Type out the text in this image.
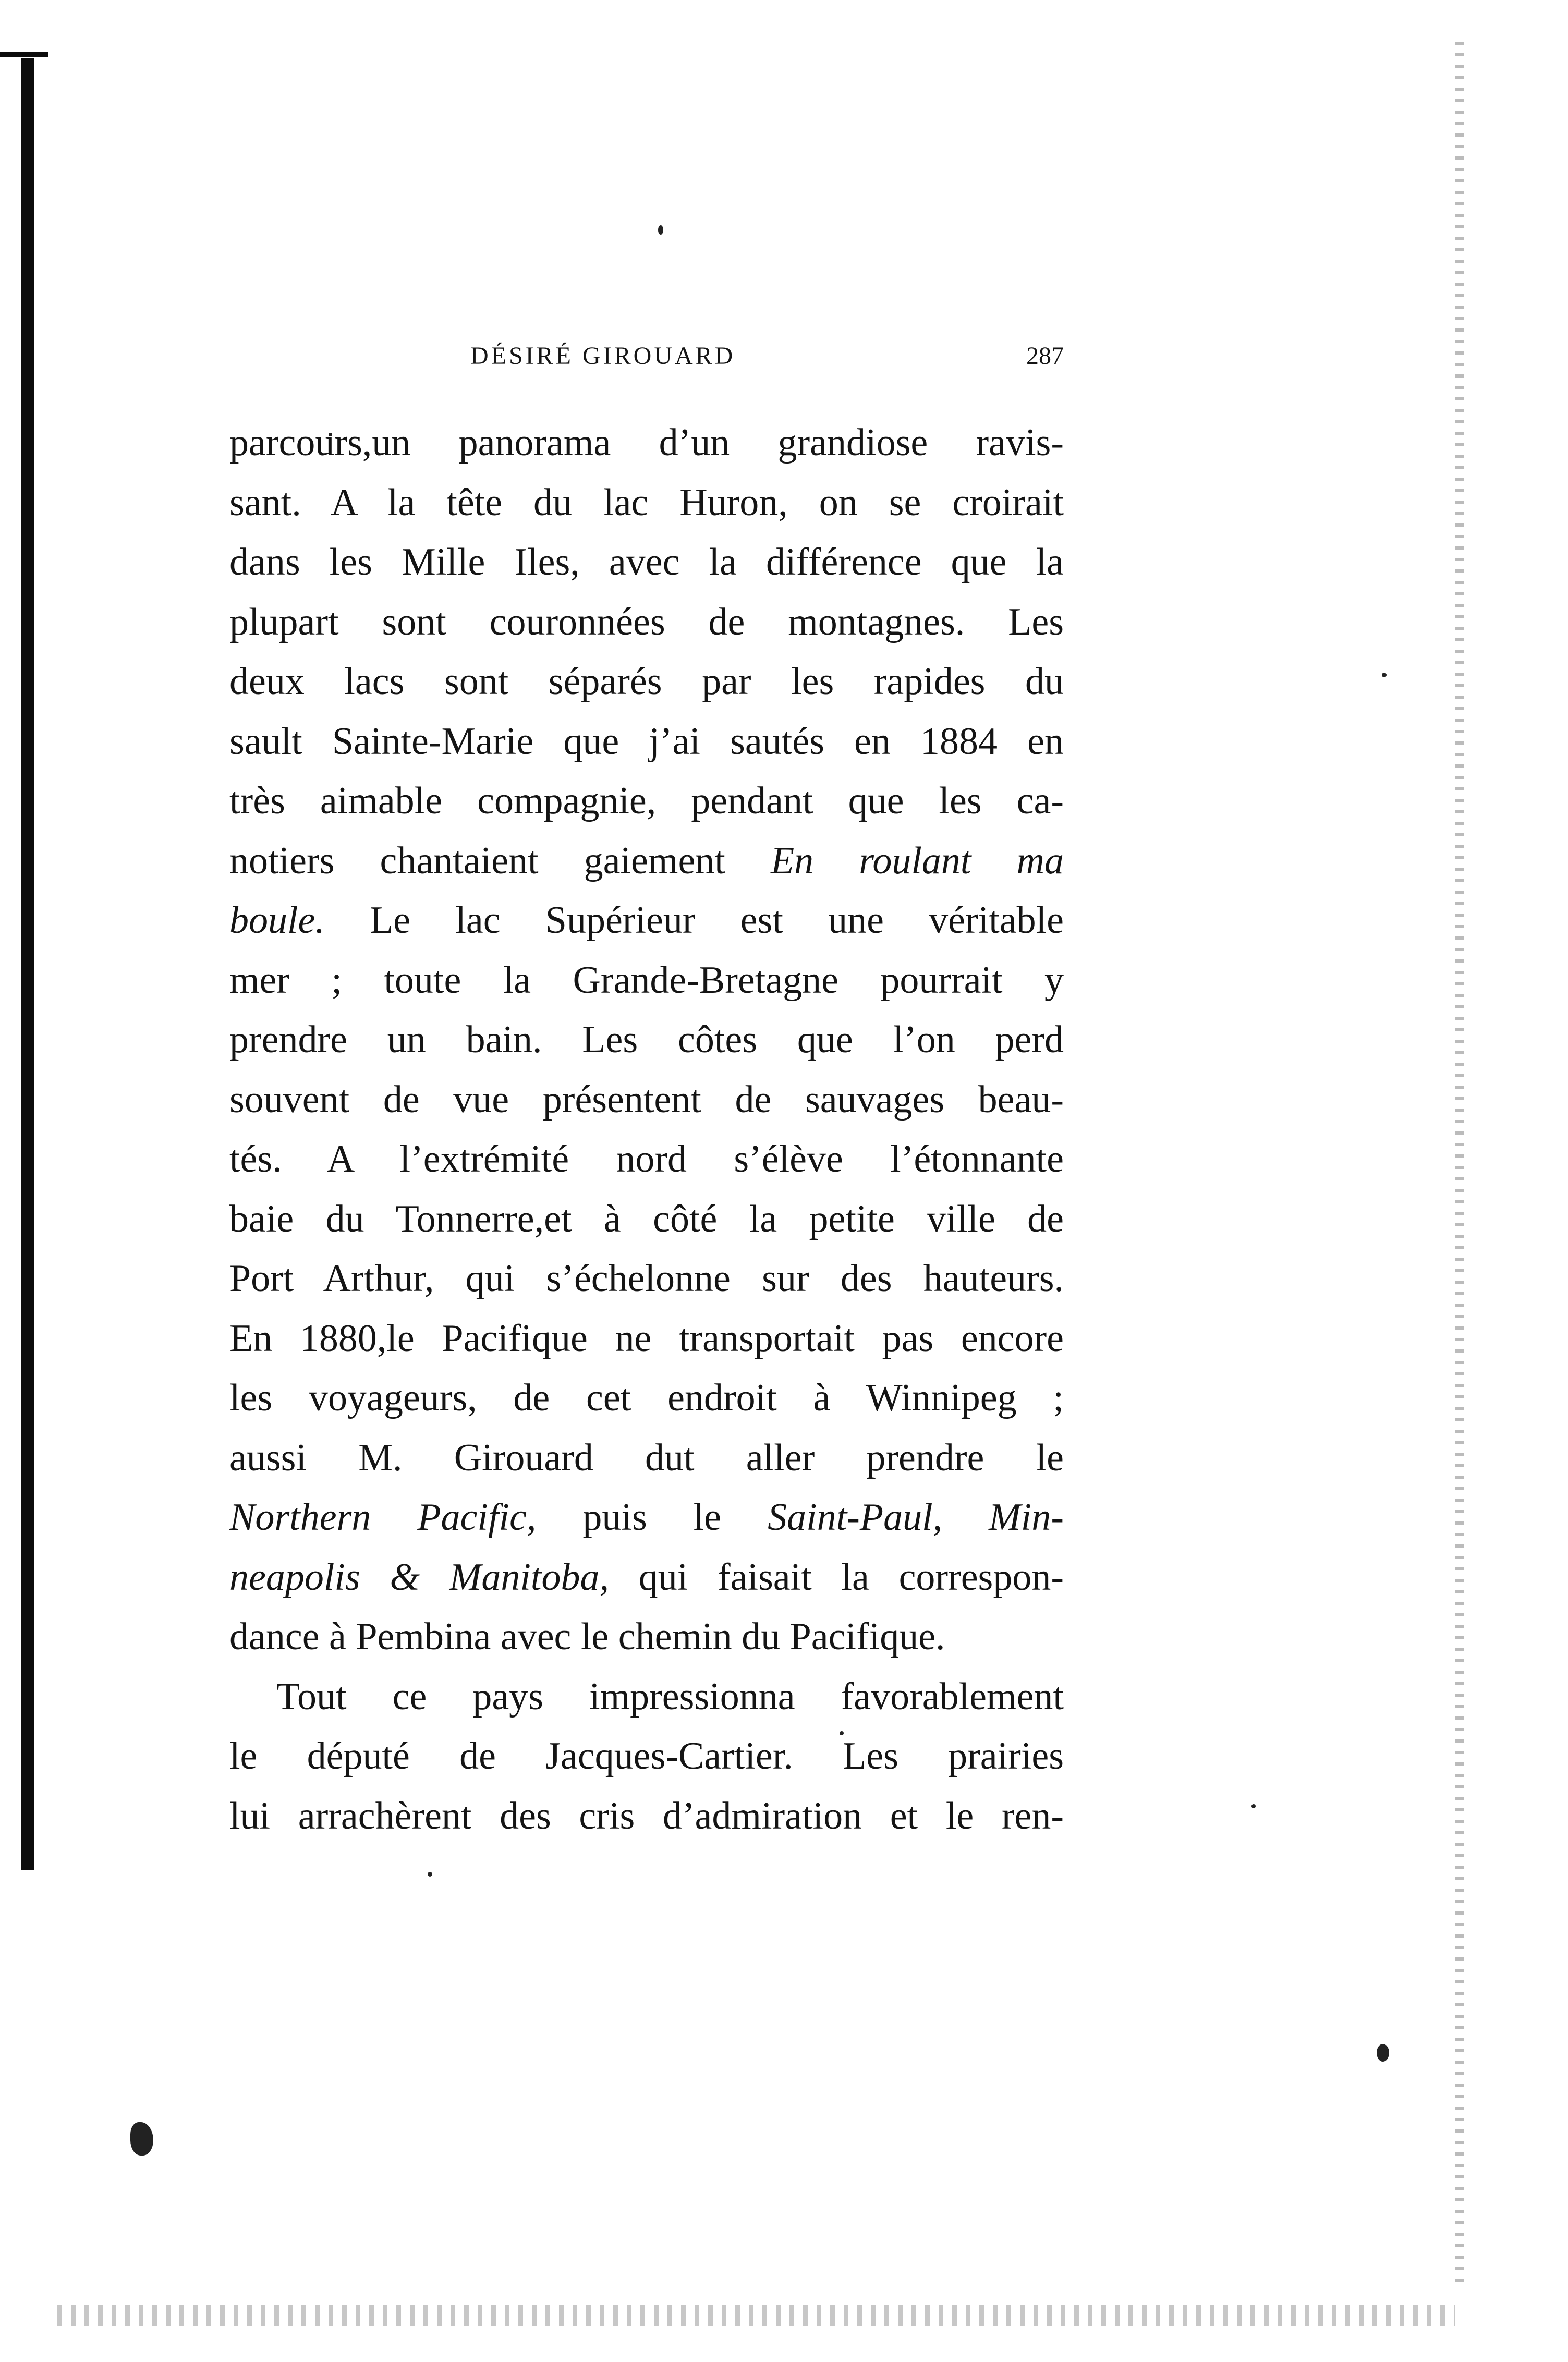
DÉSIRÉ GIROUARD	287
parcours,un panorama d’un grandiose ravis-
sant. A la tête du lac Huron, on se croirait
dans les Mille Iles, avec la différence que la
plupart sont couronnées de montagnes. Les
deux lacs sont séparés par les rapides du
sault Sainte-Marie que j’ai sautés en 1884 en
très aimable compagnie, pendant que les ca-
notiers chantaient gaiement En roulant ma
boule. Le lac Supérieur est une véritable
mer ; toute la Grande-Bretagne pourrait y
prendre un bain. Les côtes que l’on perd
souvent de vue présentent de sauvages beau-
tés. A l’extrémité nord s’élève l’étonnante
baie du Tonnerre,et à côté la petite ville de
Port Arthur, qui s’échelonne sur des hauteurs.
En 1880,le Pacifique ne transportait pas encore
les voyageurs, de cet endroit à Winnipeg ;
aussi M. Girouard dut aller prendre le
Northern Pacific, puis le Saint-Paul, Min-
neapolis & Manitoba, qui faisait la correspon-
dance à Pembina avec le chemin du Pacifique.
Tout ce pays impressionna favorablement
le député de Jacques-Cartier. Les prairies
lui arrachèrent des cris d’admiration et le ren-
